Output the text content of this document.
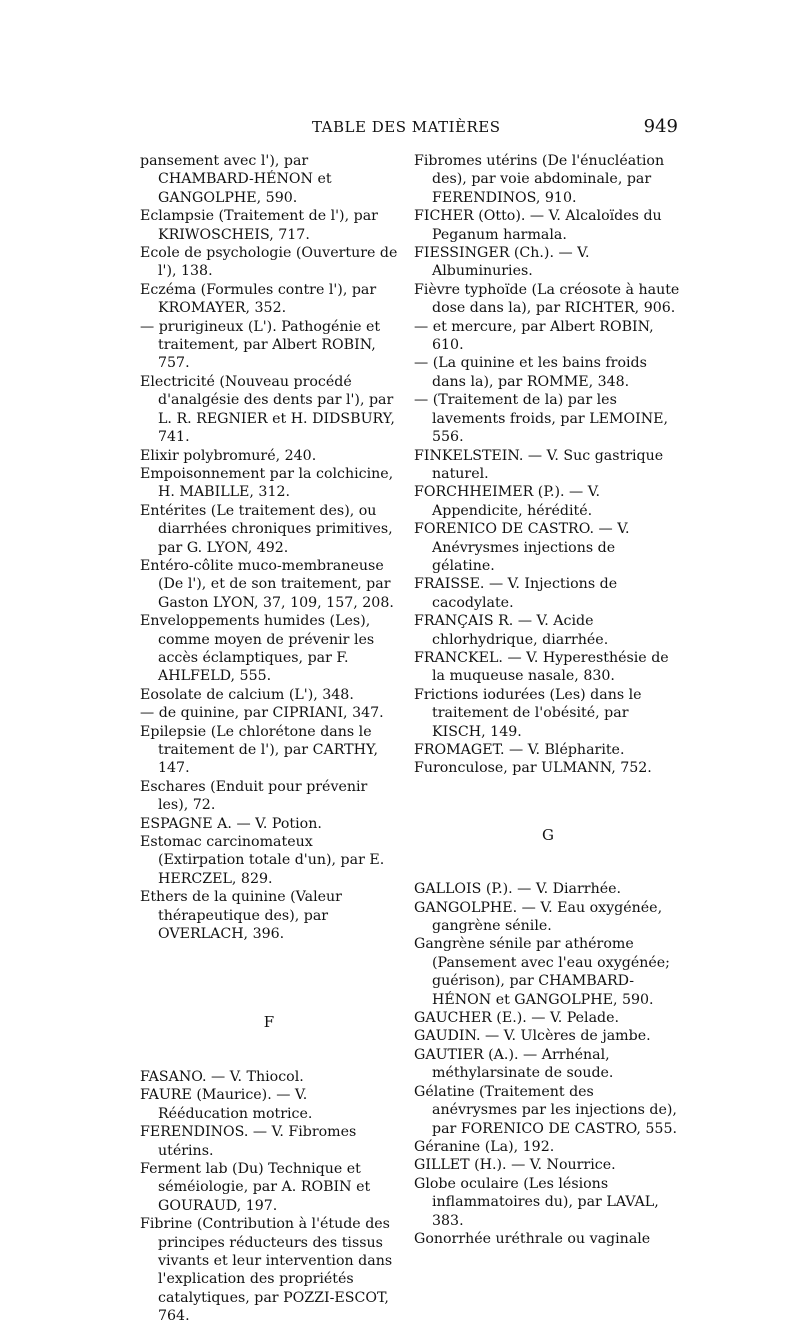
TABLE DES MATIÈRES	949

pansement avec l'), par CHAMBARD-HÉNON et GANGOLPHE, 590.

Eclampsie (Traitement de l'), par KRIWOSCHEIS, 717.

Ecole de psychologie (Ouverture de l'), 138.

Eczéma (Formules contre l'), par KROMAYER, 352.

— prurigineux (L'). Pathogénie et traitement, par Albert ROBIN, 757.

Electricité (Nouveau procédé d'analgésie des dents par l'), par L. R. REGNIER et H. DIDSBURY, 741.

Elixir polybromuré, 240.

Empoisonnement par la colchicine, H. MABILLE, 312.

Entérites (Le traitement des), ou diarrhées chroniques primitives, par G. LYON, 492.

Entéro-côlite muco-membraneuse (De l'), et de son traitement, par Gaston LYON, 37, 109, 157, 208.

Enveloppements humides (Les), comme moyen de prévenir les accès éclamptiques, par F. AHLFELD, 555.

Eosolate de calcium (L'), 348.

— de quinine, par CIPRIANI, 347.

Epilepsie (Le chlorétone dans le traitement de l'), par CARTHY, 147.

Eschares (Enduit pour prévenir les), 72.

ESPAGNE A. — V. Potion.

Estomac carcinomateux (Extirpation totale d'un), par E. HERCZEL, 829.

Ethers de la quinine (Valeur thérapeutique des), par OVERLACH, 396.

F

FASANO. — V. Thiocol.

FAURE (Maurice). — V. Rééducation motrice.

FERENDINOS. — V. Fibromes utérins.

Ferment lab (Du) Technique et séméiologie, par A. ROBIN et GOURAUD, 197.

Fibrine (Contribution à l'étude des principes réducteurs des tissus vivants et leur intervention dans l'explication des propriétés catalytiques, par POZZI-ESCOT, 764.

Fibromes utérins (De l'énucléation des), par voie abdominale, par FERENDINOS, 910.

FICHER (Otto). — V. Alcaloïdes du Peganum harmala.

FIESSINGER (Ch.). — V. Albuminuries.

Fièvre typhoïde (La créosote à haute dose dans la), par RICHTER, 906.

— et mercure, par Albert ROBIN, 610.

— (La quinine et les bains froids dans la), par ROMME, 348.

— (Traitement de la) par les lavements froids, par LEMOINE, 556.

FINKELSTEIN. — V. Suc gastrique naturel.

FORCHHEIMER (P.). — V. Appendicite, hérédité.

FORENICO DE CASTRO. — V. Anévrysmes injections de gélatine.

FRAISSE. — V. Injections de cacodylate.

FRANÇAIS R. — V. Acide chlorhydrique, diarrhée.

FRANCKEL. — V. Hyperesthésie de la muqueuse nasale, 830.

Frictions iodurées (Les) dans le traitement de l'obésité, par KISCH, 149.

FROMAGET. — V. Blépharite.

Furonculose, par ULMANN, 752.

G

GALLOIS (P.). — V. Diarrhée.

GANGOLPHE. — V. Eau oxygénée, gangrène sénile.

Gangrène sénile par athérome (Pansement avec l'eau oxygénée; guérison), par CHAMBARD-HÉNON et GANGOLPHE, 590.

GAUCHER (E.). — V. Pelade.

GAUDIN. — V. Ulcères de jambe.

GAUTIER (A.). — Arrhénal, méthylarsinate de soude.

Gélatine (Traitement des anévrysmes par les injections de), par FORENICO DE CASTRO, 555.

Géranine (La), 192.

GILLET (H.). — V. Nourrice.

Globe oculaire (Les lésions inflammatoires du), par LAVAL, 383.

Gonorrhée uréthrale ou vaginale
